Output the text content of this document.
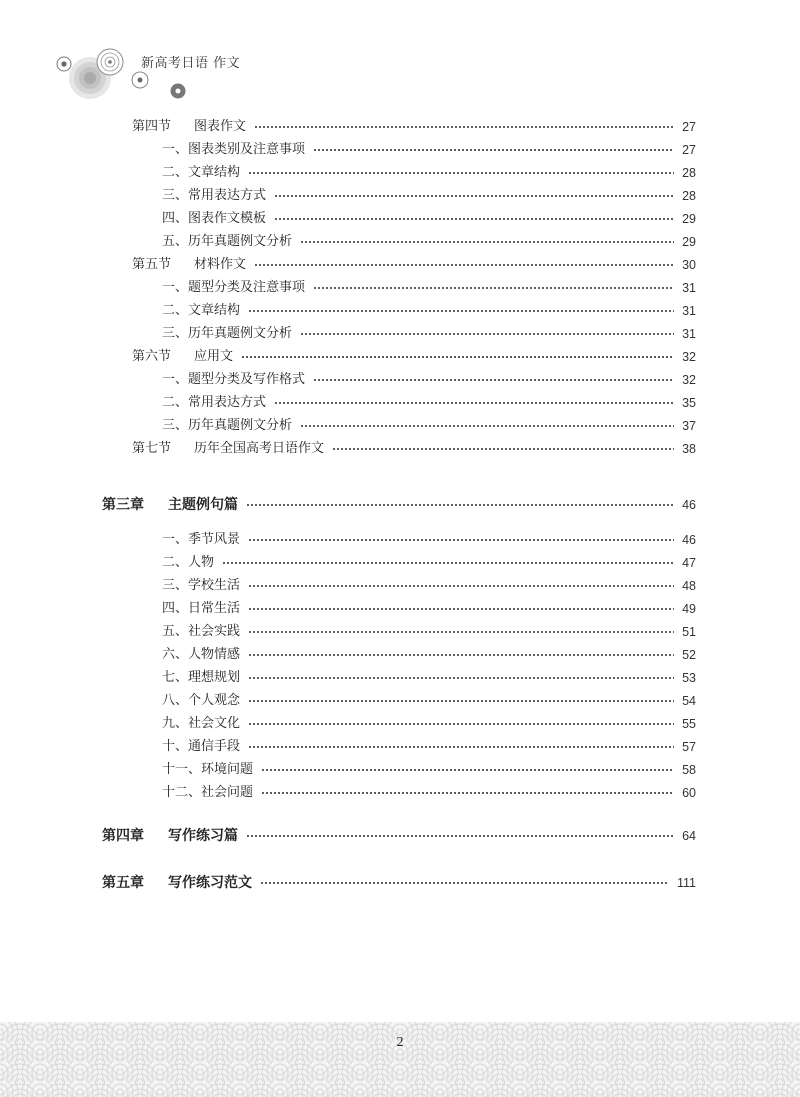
新高考日语 作文
第四节 图表作文	27
一、图表类别及注意事项	27
二、文章结构	28
三、常用表达方式	28
四、图表作文模板	29
五、历年真题例文分析	29
第五节 材料作文	30
一、题型分类及注意事项	31
二、文章结构	31
三、历年真题例文分析	31
第六节 应用文	32
一、题型分类及写作格式	32
二、常用表达方式	35
三、历年真题例文分析	37
第七节 历年全国高考日语作文	38
第三章 主题例句篇	46
一、季节风景	46
二、人物	47
三、学校生活	48
四、日常生活	49
五、社会实践	51
六、人物情感	52
七、理想规划	53
八、个人观念	54
九、社会文化	55
十、通信手段	57
十一、环境问题	58
十二、社会问题	60
第四章 写作练习篇	64
第五章 写作练习范文	111
2
